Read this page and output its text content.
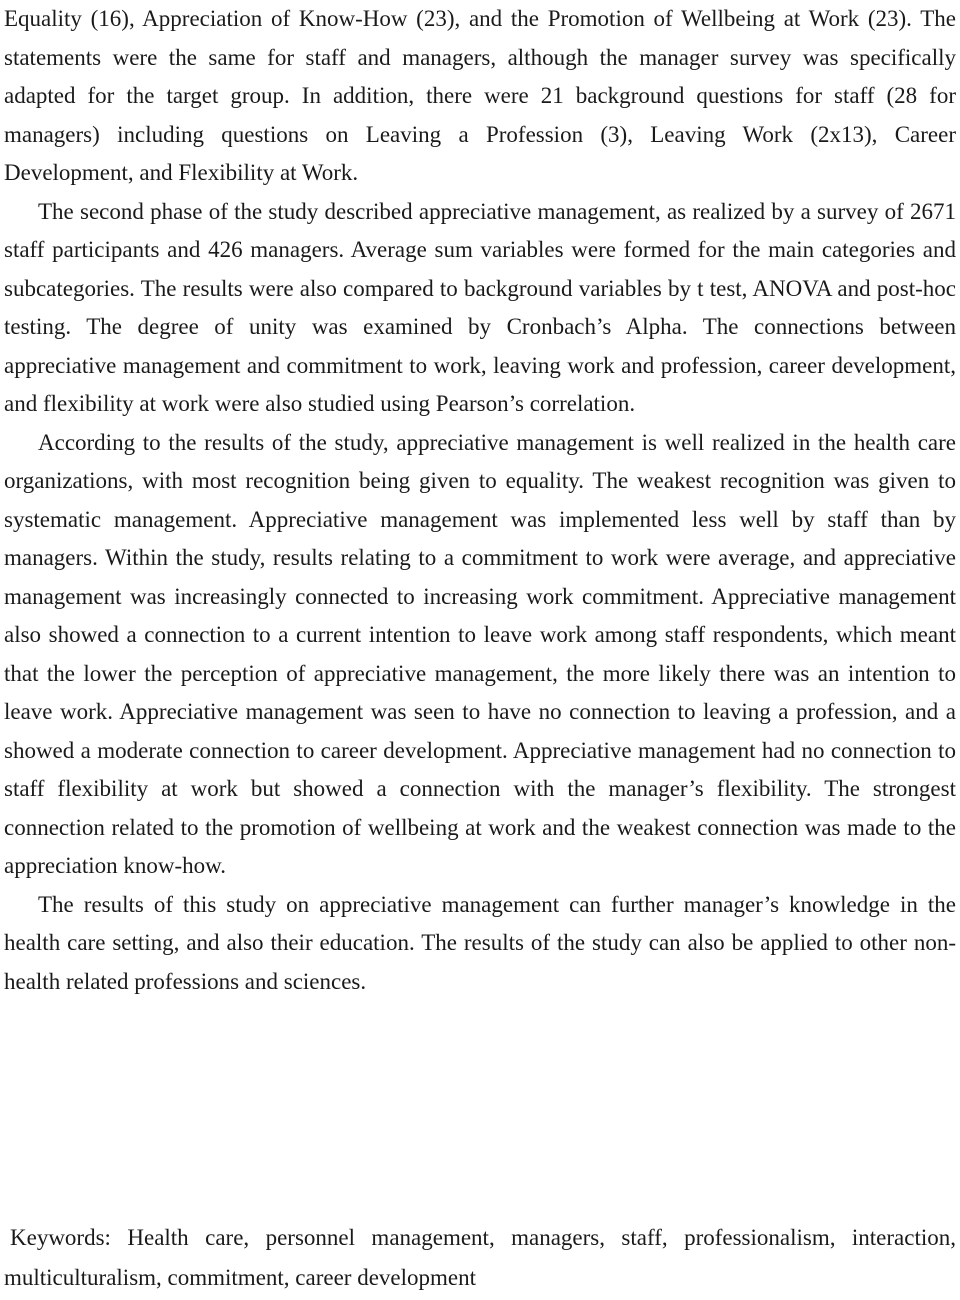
Equality (16), Appreciation of Know-How (23), and the Promotion of Wellbeing at Work (23). The statements were the same for staff and managers, although the manager survey was specifically adapted for the target group. In addition, there were 21 background questions for staff (28 for managers) including questions on Leaving a Profession (3), Leaving Work (2x13), Career Development, and Flexibility at Work.

The second phase of the study described appreciative management, as realized by a survey of 2671 staff participants and 426 managers. Average sum variables were formed for the main categories and subcategories. The results were also compared to background variables by t test, ANOVA and post-hoc testing. The degree of unity was examined by Cronbach’s Alpha. The connections between appreciative management and commitment to work, leaving work and profession, career development, and flexibility at work were also studied using Pearson’s correlation.

According to the results of the study, appreciative management is well realized in the health care organizations, with most recognition being given to equality. The weakest recognition was given to systematic management. Appreciative management was implemented less well by staff than by managers. Within the study, results relating to a commitment to work were average, and appreciative management was increasingly connected to increasing work commitment. Appreciative management also showed a connection to a current intention to leave work among staff respondents, which meant that the lower the perception of appreciative management, the more likely there was an intention to leave work. Appreciative management was seen to have no connection to leaving a profession, and a showed a moderate connection to career development. Appreciative management had no connection to staff flexibility at work but showed a connection with the manager’s flexibility. The strongest connection related to the promotion of wellbeing at work and the weakest connection was made to the appreciation know-how.

The results of this study on appreciative management can further manager’s knowledge in the health care setting, and also their education. The results of the study can also be applied to other non-health related professions and sciences.

Keywords: Health care, personnel management, managers, staff, professionalism, interaction, multiculturalism, commitment, career development
